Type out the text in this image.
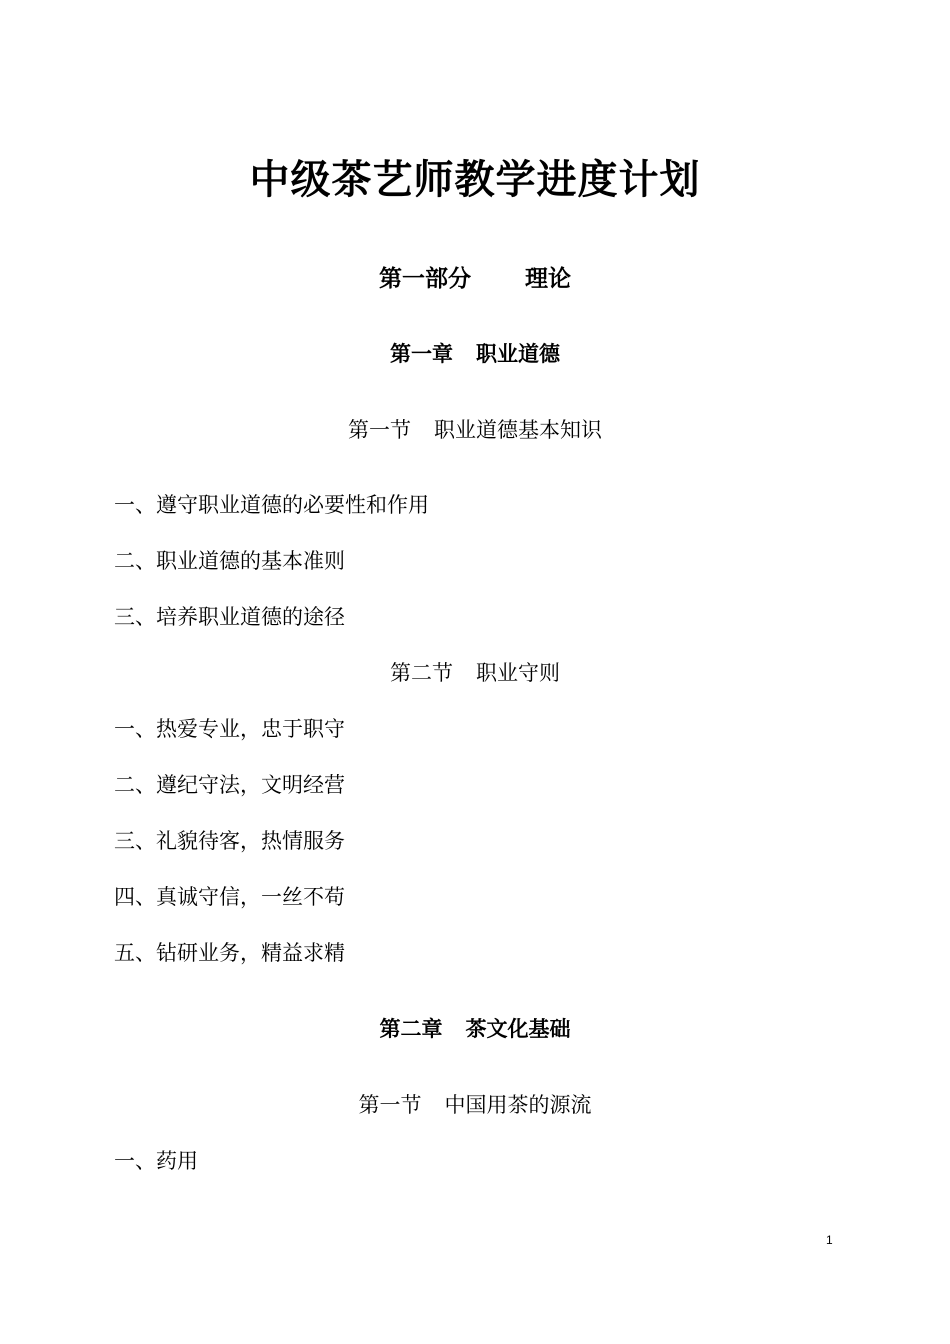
中级茶艺师教学进度计划
第一部分 理论
第一章 职业道德
第一节 职业道德基本知识
一、遵守职业道德的必要性和作用
二、职业道德的基本准则
三、培养职业道德的途径
第二节 职业守则
一、热爱专业，忠于职守
二、遵纪守法，文明经营
三、礼貌待客，热情服务
四、真诚守信，一丝不苟
五、钻研业务，精益求精
第二章 茶文化基础
第一节 中国用茶的源流
一、药用
1
